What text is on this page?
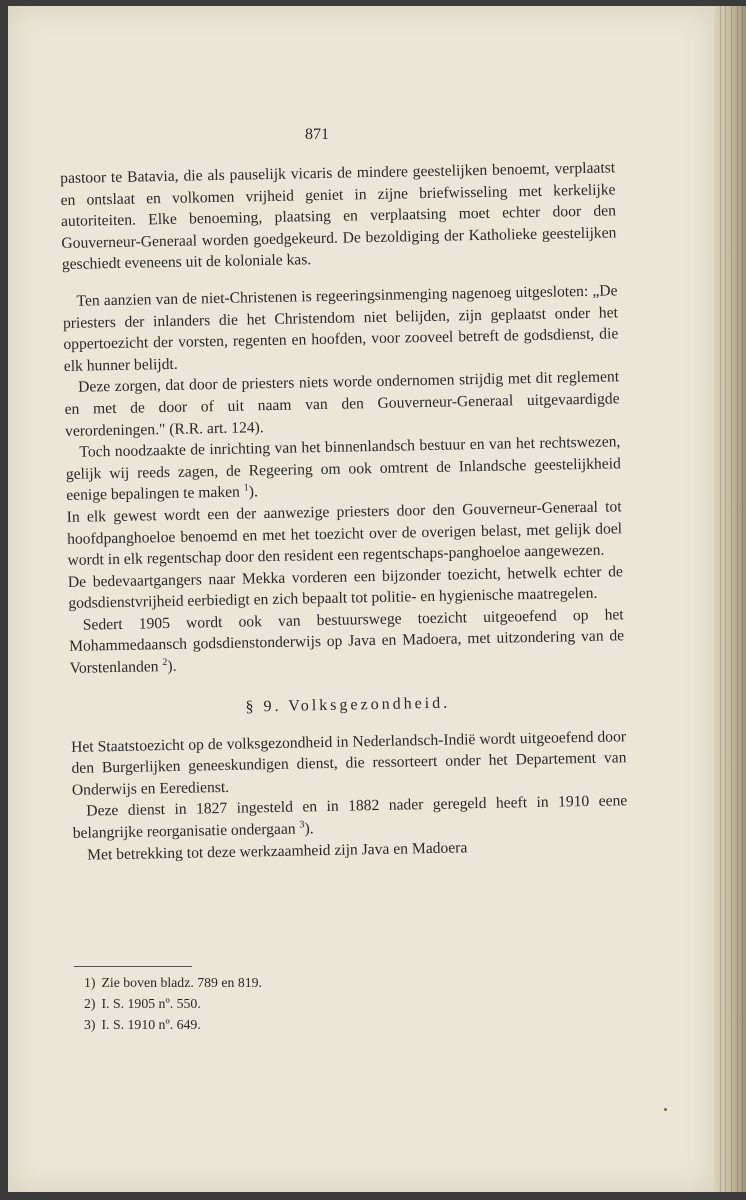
871

pastoor te Batavia, die als pauselijk vicaris de mindere geestelijken benoemt, verplaatst en ontslaat en volkomen vrijheid geniet in zijne briefwisseling met kerkelijke autoriteiten. Elke benoeming, plaatsing en verplaatsing moet echter door den Gouverneur-Generaal worden goedgekeurd. De bezoldiging der Katholieke geestelijken geschiedt eveneens uit de koloniale kas.

Ten aanzien van de niet-Christenen is regeeringsinmenging nagenoeg uitgesloten: „De priesters der inlanders die het Christendom niet belijden, zijn geplaatst onder het oppertoezicht der vorsten, regenten en hoofden, voor zooveel betreft de godsdienst, die elk hunner belijdt.

Deze zorgen, dat door de priesters niets worde ondernomen strijdig met dit reglement en met de door of uit naam van den Gouverneur-Generaal uitgevaardigde verordeningen." (R.R. art. 124).

Toch noodzaakte de inrichting van het binnenlandsch bestuur en van het rechtswezen, gelijk wij reeds zagen, de Regeering om ook omtrent de Inlandsche geestelijkheid eenige bepalingen te maken $^1$).

In elk gewest wordt een der aanwezige priesters door den Gouverneur-Generaal tot hoofdpanghoeloe benoemd en met het toezicht over de overigen belast, met gelijk doel wordt in elk regentschap door den resident een regentschaps-panghoeloe aangewezen.

De bedevaartgangers naar Mekka vorderen een bijzonder toezicht, hetwelk echter de godsdienstvrijheid eerbiedigt en zich bepaalt tot politie- en hygienische maatregelen.

Sedert 1905 wordt ook van bestuurswege toezicht uitgeoefend op het Mohammedaansch godsdienstonderwijs op Java en Madoera, met uitzondering van de Vorstenlanden $^2$).

§ 9. Volksgezondheid.

Het Staatstoezicht op de volksgezondheid in Nederlandsch-Indië wordt uitgeoefend door den Burgerlijken geneeskundigen dienst, die ressorteert onder het Departement van Onderwijs en Eeredienst.

Deze dienst in 1827 ingesteld en in 1882 nader geregeld heeft in 1910 eene belangrijke reorganisatie ondergaan $^3$).

Met betrekking tot deze werkzaamheid zijn Java en Madoera

1) Zie boven bladz. 789 en 819.
2) I. S. 1905 nº. 550.
3) I. S. 1910 nº. 649.
